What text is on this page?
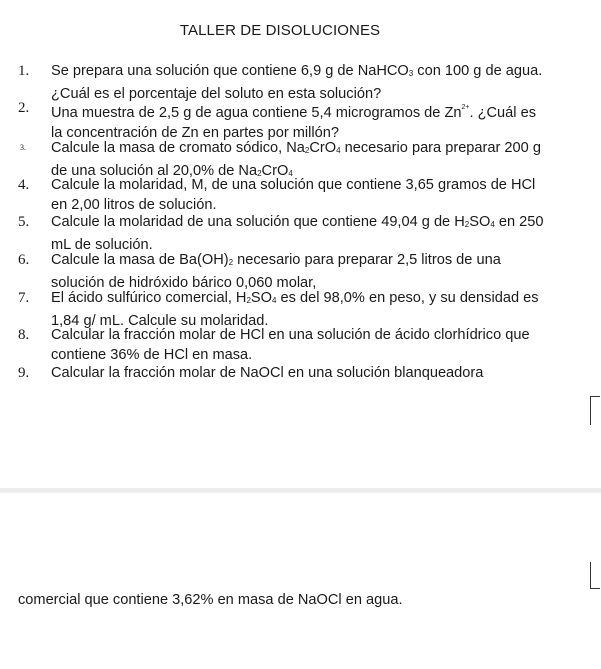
TALLER DE DISOLUCIONES
1. Se prepara una solución que contiene 6,9 g de NaHCO$_3$ con 100 g de agua.
¿Cuál es el porcentaje del soluto en esta solución?
2. Una muestra de 2,5 g de agua contiene 5,4 microgramos de $Zn^{2+}$. ¿Cuál es
la concentración de Zn en partes por millón?
3. Calcule la masa de cromato sódico, $Na_2CrO_4$ necesario para preparar 200 g
de una solución al 20,0% de $Na_2CrO_4$
4. Calcule la molaridad, M, de una solución que contiene 3,65 gramos de HCl
en 2,00 litros de solución.
5. Calcule la molaridad de una solución que contiene 49,04 g de $H_2SO_4$ en 250
mL de solución.
6. Calcule la masa de $Ba(OH)_2$ necesario para preparar 2,5 litros de una
solución de hidróxido bárico 0,060 molar,
7. El ácido sulfúrico comercial, $H_2SO_4$ es del 98,0% en peso, y su densidad es
1,84 g/ mL. Calcule su molaridad.
8. Calcular la fracción molar de HCl en una solución de ácido clorhídrico que
contiene 36% de HCl en masa.
9. Calcular la fracción molar de NaOCl en una solución blanqueadora
comercial que contiene 3,62% en masa de NaOCl en agua.
